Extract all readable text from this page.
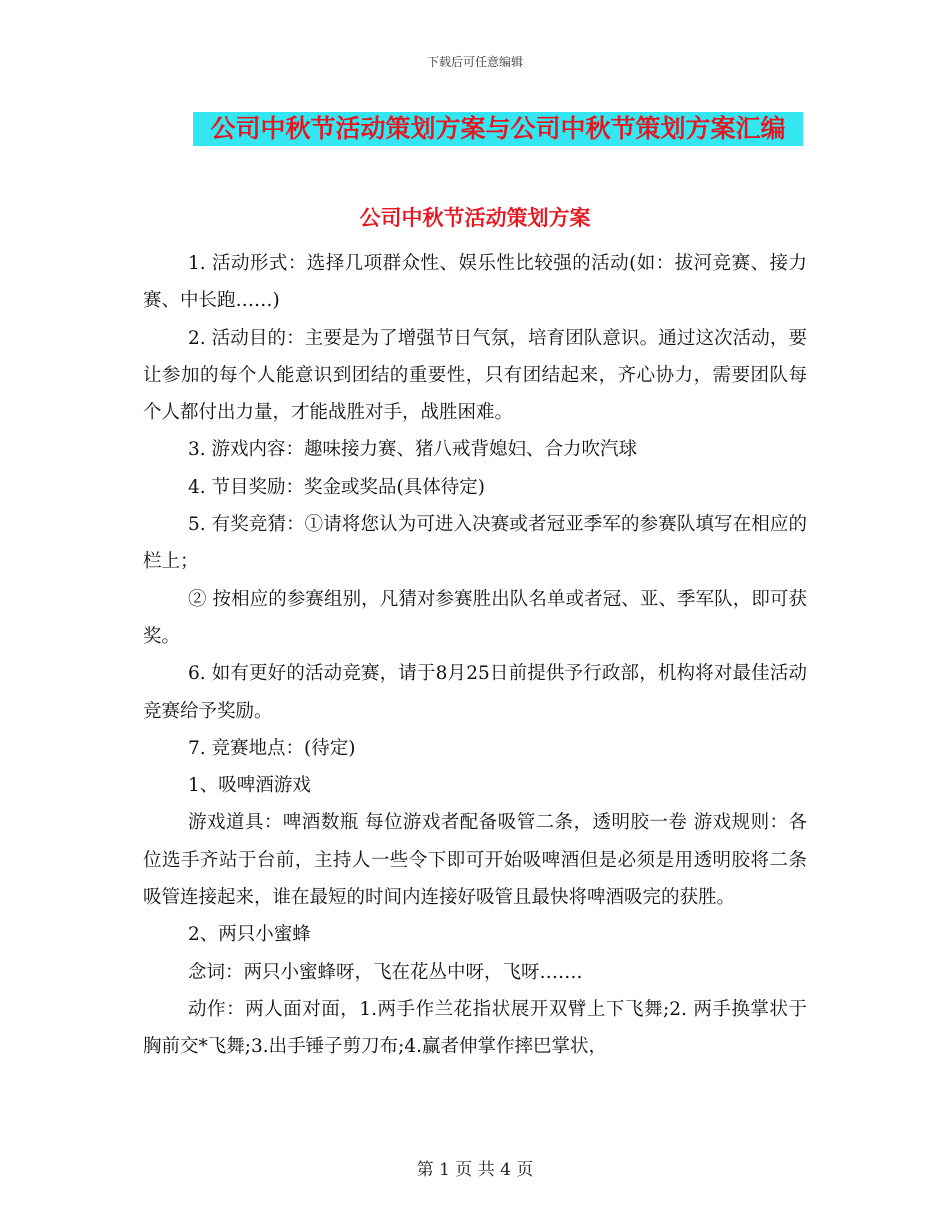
下载后可任意编辑
公司中秋节活动策划方案与公司中秋节策划方案汇编
公司中秋节活动策划方案

1. 活动形式：选择几项群众性、娱乐性比较强的活动(如：拔河竞赛、接力赛、中长跑……)

2. 活动目的：主要是为了增强节日气氛，培育团队意识。通过这次活动，要让参加的每个人能意识到团结的重要性，只有团结起来，齐心协力，需要团队每个人都付出力量，才能战胜对手，战胜困难。

3. 游戏内容：趣味接力赛、猪八戒背媳妇、合力吹汽球

4. 节目奖励：奖金或奖品(具体待定)

5. 有奖竞猜：①请将您认为可进入决赛或者冠亚季军的参赛队填写在相应的栏上；

② 按相应的参赛组别，凡猜对参赛胜出队名单或者冠、亚、季军队，即可获奖。

6. 如有更好的活动竞赛，请于8月25日前提供予行政部，机构将对最佳活动竞赛给予奖励。

7. 竞赛地点：(待定)

1、吸啤酒游戏

游戏道具：啤酒数瓶 每位游戏者配备吸管二条，透明胶一卷 游戏规则：各位选手齐站于台前，主持人一些令下即可开始吸啤酒但是必须是用透明胶将二条吸管连接起来，谁在最短的时间内连接好吸管且最快将啤酒吸完的获胜。

2、两只小蜜蜂

念词：两只小蜜蜂呀，飞在花丛中呀，飞呀…….

动作：两人面对面，1.两手作兰花指状展开双臂上下飞舞;2. 两手换掌状于胸前交*飞舞;3.出手锤子剪刀布;4.赢者伸掌作摔巴掌状，

第 1 页 共 4 页
